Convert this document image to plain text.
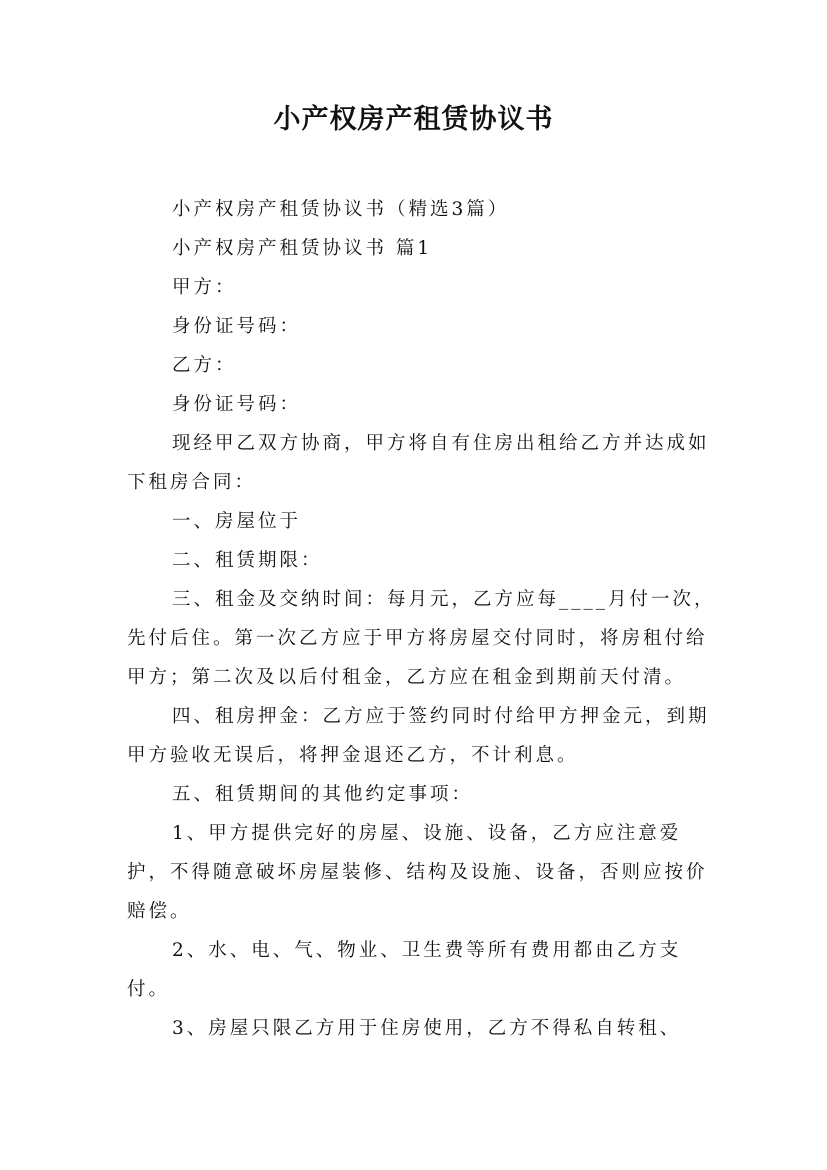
小产权房产租赁协议书

小产权房产租赁协议书（精选3篇）

小产权房产租赁协议书 篇1

甲方：

身份证号码：

乙方：

身份证号码：

现经甲乙双方协商，甲方将自有住房出租给乙方并达成如下租房合同：

一、房屋位于

二、租赁期限：

三、租金及交纳时间：每月元，乙方应每____月付一次，先付后住。第一次乙方应于甲方将房屋交付同时，将房租付给甲方；第二次及以后付租金，乙方应在租金到期前天付清。

四、租房押金：乙方应于签约同时付给甲方押金元，到期甲方验收无误后，将押金退还乙方，不计利息。

五、租赁期间的其他约定事项：

1、甲方提供完好的房屋、设施、设备，乙方应注意爱护，不得随意破坏房屋装修、结构及设施、设备，否则应按价赔偿。

2、水、电、气、物业、卫生费等所有费用都由乙方支付。

3、房屋只限乙方用于住房使用，乙方不得私自转租、
